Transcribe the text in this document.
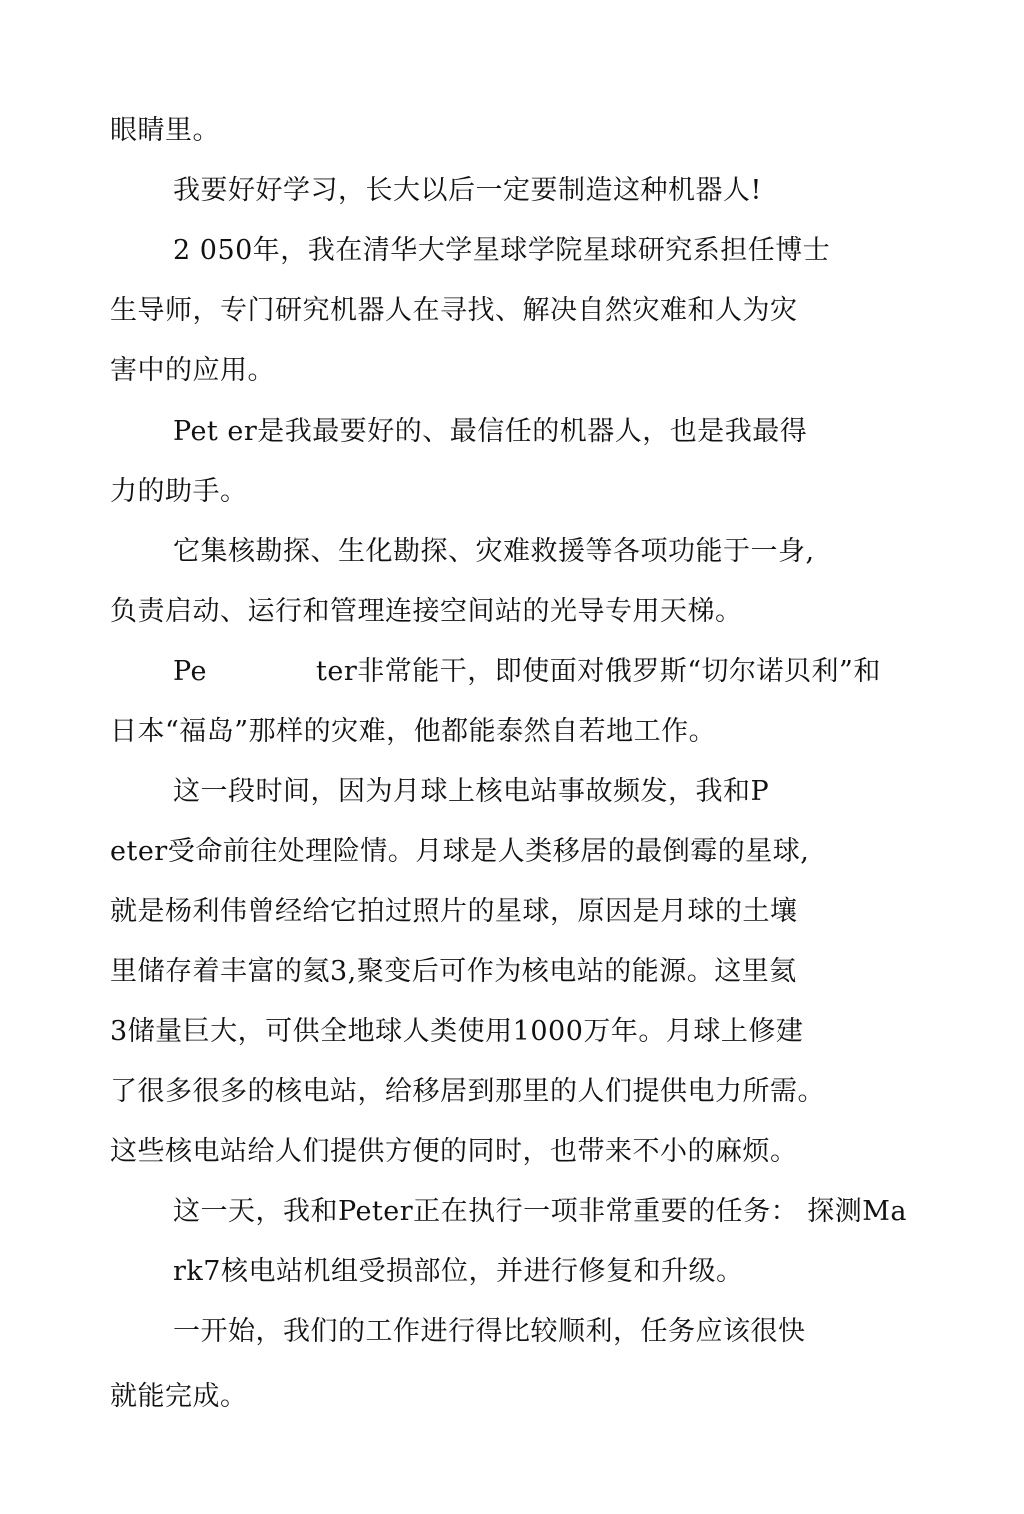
眼睛里。
我要好好学习，长大以后一定要制造这种机器人!
2 050年，我在清华大学星球学院星球研究系担任博士
生导师，专门研究机器人在寻找、解决自然灾难和人为灾
害中的应用。
Pet er是我最要好的、最信任的机器人，也是我最得
力的助手。
它集核勘探、生化勘探、灾难救援等各项功能于一身,
负责启动、运行和管理连接空间站的光导专用天梯。
Pe	ter非常能干，即使面对俄罗斯“切尔诺贝利”和
日本“福岛”那样的灾难，他都能泰然自若地工作。
这一段时间，因为月球上核电站事故频发，我和P
eter受命前往处理险情。月球是人类移居的最倒霉的星球,
就是杨利伟曾经给它拍过照片的星球，原因是月球的土壤
里储存着丰富的氦3,聚变后可作为核电站的能源。这里氦
3储量巨大，可供全地球人类使用1000万年。月球上修建
了很多很多的核电站，给移居到那里的人们提供电力所需。
这些核电站给人们提供方便的同时，也带来不小的麻烦。
这一天，我和Peter正在执行一项非常重要的任务： 探测Ma
rk7核电站机组受损部位，并进行修复和升级。
一开始，我们的工作进行得比较顺利，任务应该很快
就能完成。
